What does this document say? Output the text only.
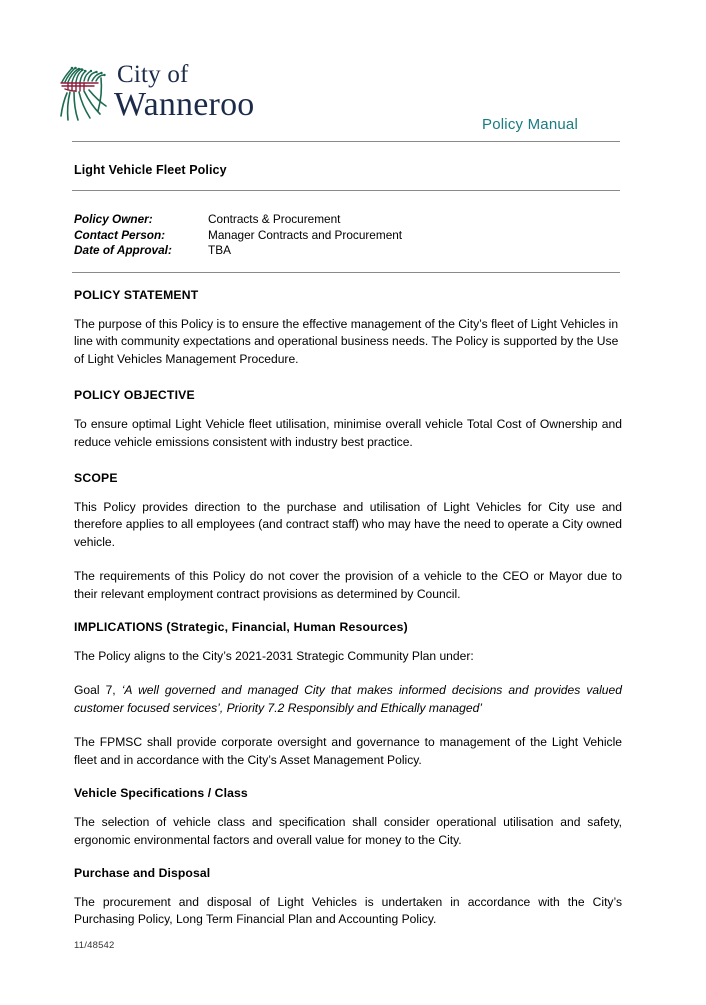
City of
Wanneroo
Policy Manual
Light Vehicle Fleet Policy
Policy Owner:	Contracts & Procurement
Contact Person:	Manager Contracts and Procurement
Date of Approval:	TBA
POLICY STATEMENT

The purpose of this Policy is to ensure the effective management of the City’s fleet of Light Vehicles in line with community expectations and operational business needs. The Policy is supported by the Use of Light Vehicles Management Procedure.

POLICY OBJECTIVE

To ensure optimal Light Vehicle fleet utilisation, minimise overall vehicle Total Cost of Ownership and reduce vehicle emissions consistent with industry best practice.

SCOPE

This Policy provides direction to the purchase and utilisation of Light Vehicles for City use and therefore applies to all employees (and contract staff) who may have the need to operate a City owned vehicle.

The requirements of this Policy do not cover the provision of a vehicle to the CEO or Mayor due to their relevant employment contract provisions as determined by Council.

IMPLICATIONS (Strategic, Financial, Human Resources)

The Policy aligns to the City’s 2021-2031 Strategic Community Plan under:

Goal 7, ‘A well governed and managed City that makes informed decisions and provides valued customer focused services’, Priority 7.2 Responsibly and Ethically managed’

The FPMSC shall provide corporate oversight and governance to management of the Light Vehicle fleet and in accordance with the City’s Asset Management Policy.

Vehicle Specifications / Class

The selection of vehicle class and specification shall consider operational utilisation and safety, ergonomic environmental factors and overall value for money to the City.

Purchase and Disposal

The procurement and disposal of Light Vehicles is undertaken in accordance with the City’s Purchasing Policy, Long Term Financial Plan and Accounting Policy.

11/48542
